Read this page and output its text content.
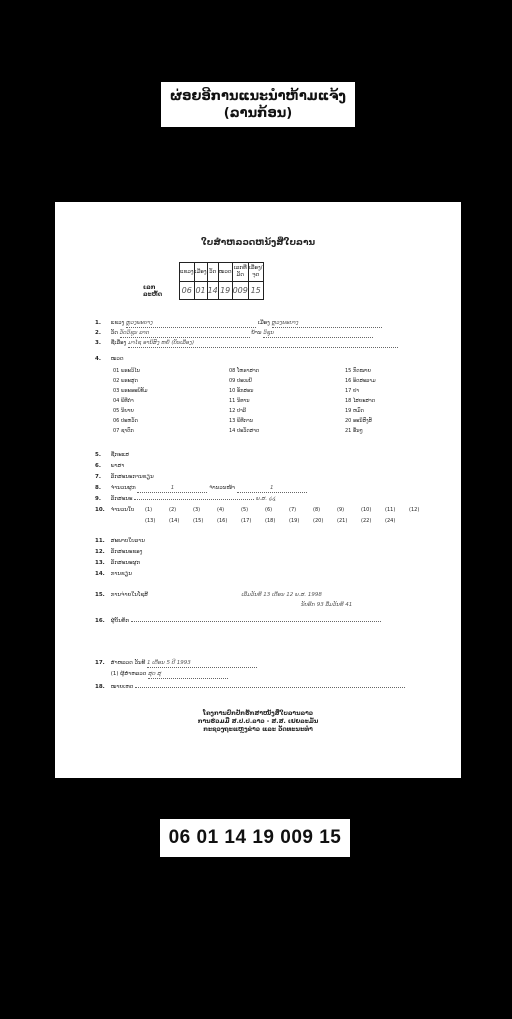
ຜ່ອຍອີການແນະນຳຫ້າມແຈ້ງ
(ລານກ້ອນ)
ໃບສຳຫລວດຫນ້ງສືໃບລານ
ເລກລະຫັດ
ແຂວງ	ເມືອງ	ວັດ	ໝວດ	ເລກທີ່ມັດ	ເລື່ອງ/ຈຸດ
06	01	14	19	009	15
1. ແຂວງ ຫຼວງພະບາງ	ເມືອງ ຫຼວງພະບາງ
2. ວັດ ວັດວິຊຸນ ລາດ	ບ້ານ ວິຊຸນ
3. ຊື່ເລື່ອງ ມາໄຊ ອານິສົງ ຫຍໍ້ (ບັນເລືອງ)
4. ໝວດ
01 ພຣະວິໄນ
02 ພຣະສູດ
03 ພຣະອະພິທັມ
04 ພິທີກຳ
05 ນິຍາຍ
06 ປະຫວັດ
07 ຊາດົກ
08 ໂຫຣາສາດ
09 ປະເພນີ
10 ອັກສອນ
11 ນິທານ
12 ປາລີ
13 ພິທີການ
14 ປະວັດສາດ
15 ກົດໝາຍ
16 ອິດສະລາມ
17 ຢາ
18 ໄສຍະສາດ
19 ຫມົດ
20 ອະນິສົງສ໌
21 ອື່ນໆ
5. ຊື່ກະແສ
6. ພາສາ
7. ລັກສະນະການຂຽນ
8. ຈຳນວນຜູກ	1	ຈຳນວນໜ້າ	1
9. ລັກສະນະ	ພ.ສ. ໒໔
10. ຈຳນວນໃບ (1)	(2)	(3)	(4)	(5)	(6)	(7)	(8)	(9)	(10)	(11)	(12)
(13)	(14)	(15)	(16)	(17)	(18)	(19)	(20)	(21)	(22)	(24)
11. ສະພາບໃບລານ
12. ລັກສະນະຂອງ
13. ລັກສະນະຜູກ
14. ການຂຽນ
15. ການຈ່າຍໃນໂຊສີ	ເລີ່ມວັນທີ 13 ເດືອນ 12 ພ.ສ. 1998
ນັບອີກ 93 ລື່ມວັນທີ 41
16. ຜູ້ບັນທຶກ
17. ສຳຫລວດ ວັນທີ 1 ເດືອນ 5 ປີ 1993
(1) ຜູ້ສຳຫລວດ ສຸດ ສຸ
18. ໝາຍເຫດ
ໂຄງການປົກປັກຮັກສາໜັງສືໃບລານລາວ
ການຮ່ວມມື ສ.ປ.ປ.ລາວ - ສ.ສ. ເຢຍລະມັນ
ກະຊວງຖະແຫຼງຂ່າວ ແລະ ວັດທະນະທຳ
06 01 14 19 009 15
